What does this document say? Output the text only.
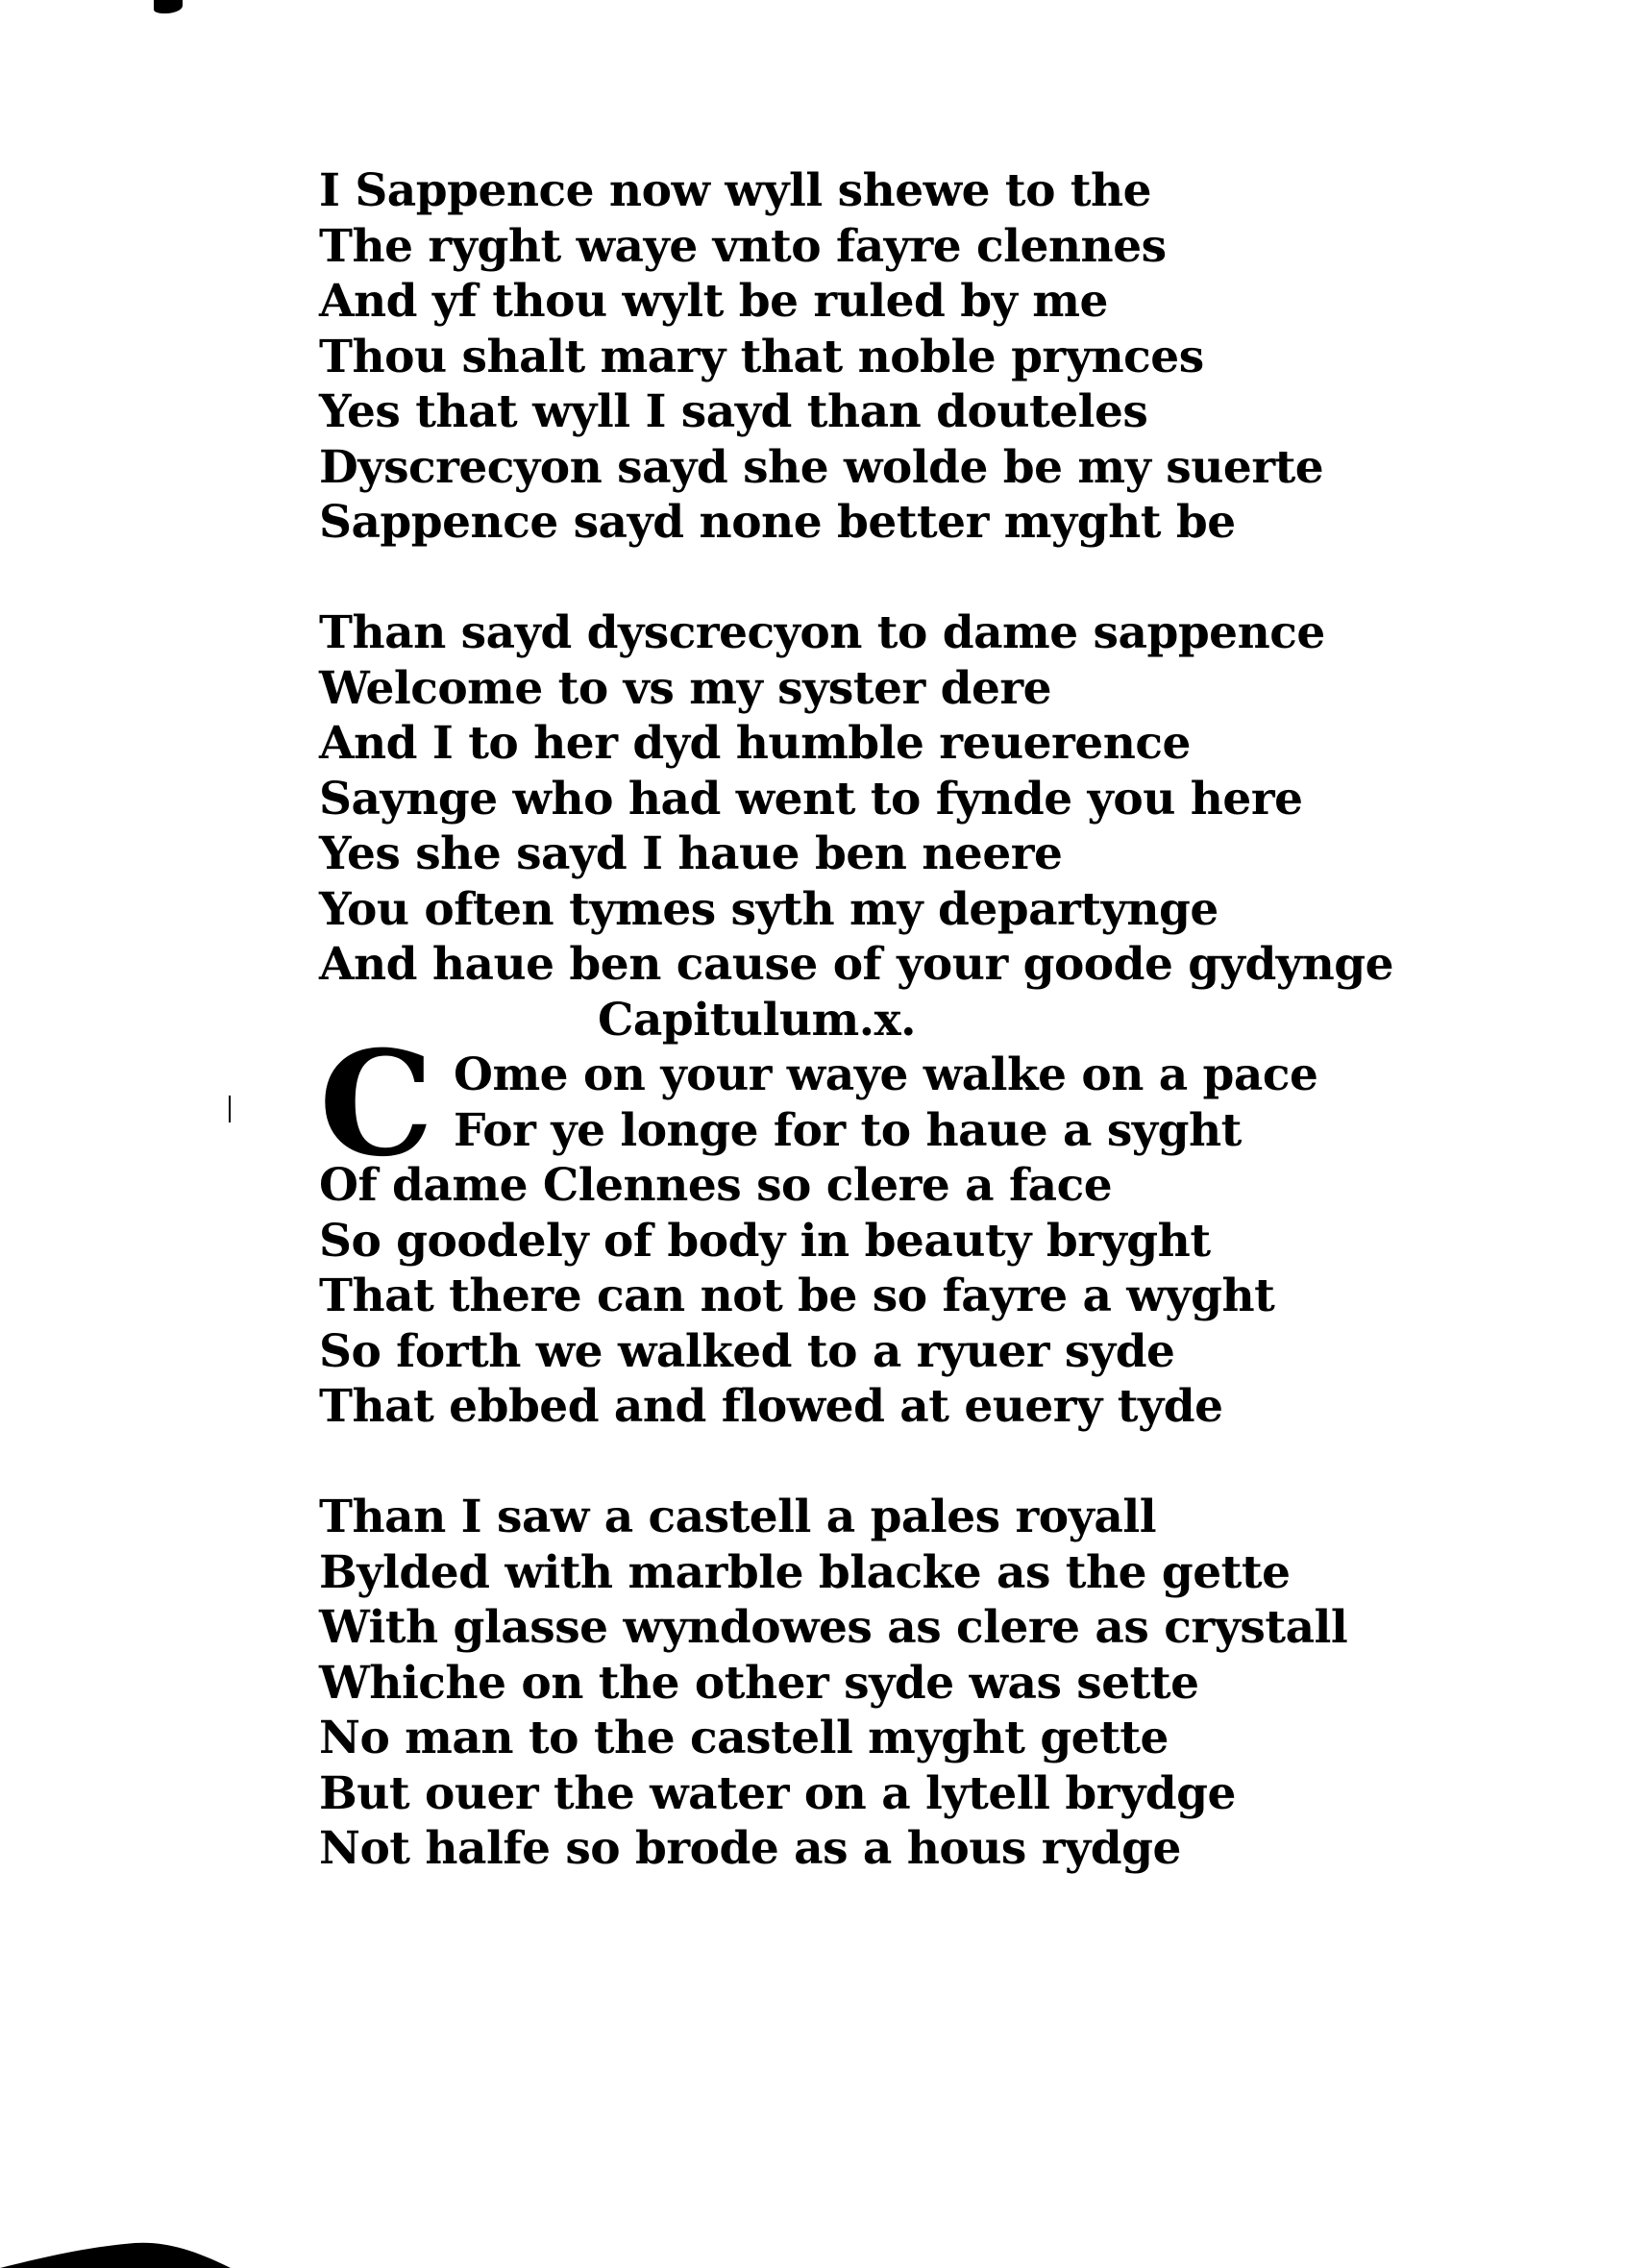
I Sappence now wyll shewe to the
The ryght waye vnto fayre clennes
And yf thou wylt be ruled by me
Thou shalt mary that noble prynces
Yes that wyll I sayd than douteles
Dyscrecyon sayd she wolde be my suerte
Sappence sayd none better myght be
Than sayd dyscrecyon to dame sappence
Welcome to vs my syster dere
And I to her dyd humble reuerence
Saynge who had went to fynde you here
Yes she sayd I haue ben neere
You often tymes syth my departynge
And haue ben cause of your goode gydynge
Capitulum.x.
C Ome on your waye walke on a pace
For ye longe for to haue a syght
Of dame Clennes so clere a face
So goodely of body in beauty bryght
That there can not be so fayre a wyght
So forth we walked to a ryuer syde
That ebbed and flowed at euery tyde
Than I saw a castell a pales royall
Bylded with marble blacke as the gette
With glasse wyndowes as clere as crystall
Whiche on the other syde was sette
No man to the castell myght gette
But ouer the water on a lytell brydge
Not halfe so brode as a hous rydge
